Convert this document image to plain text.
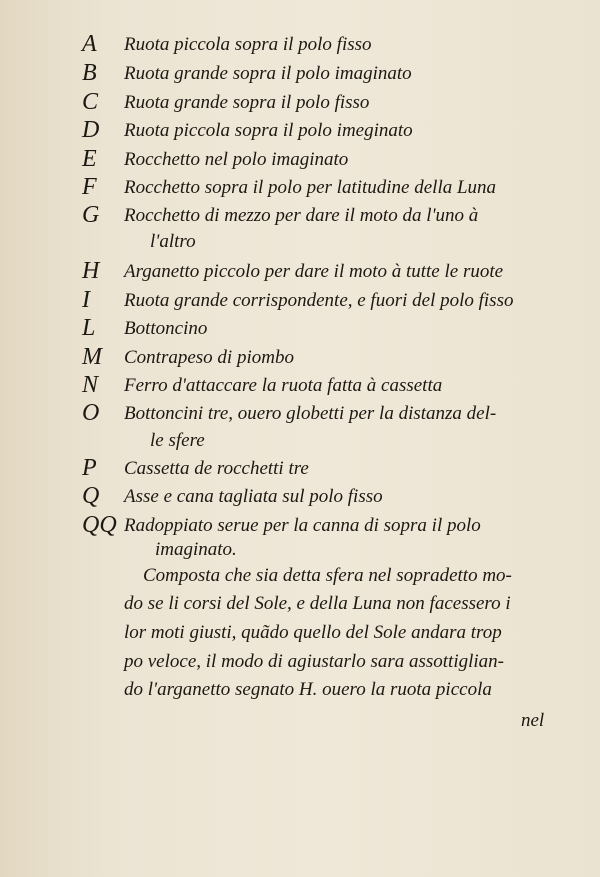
A	Ruota piccola sopra il polo fisso
B	Ruota grande sopra il polo imaginato
C	Ruota grande sopra il polo fisso
D	Ruota piccola sopra il polo imeginato
E	Rocchetto nel polo imaginato
F	Rocchetto sopra il polo per latitudine della Luna
G	Rocchetto di mezzo per dare il moto da l'uno à
l'altro
H	Arganetto piccolo per dare il moto à tutte le ruote
I	Ruota grande corrispondente, e fuori del polo fisso
L	Bottoncino
M	Contrapeso di piombo
N	Ferro d'attaccare la ruota fatta à cassetta
O	Bottoncini tre, ouero globetti per la distanza del-
le sfere
P	Cassetta de rocchetti tre
Q	Asse e cana tagliata sul polo fisso
QQ Radoppiato serue per la canna di sopra il polo
imaginato.
Composta che sia detta sfera nel sopradetto mo-
do se li corsi del Sole, e della Luna non facessero i
lor moti giusti, quãdo quello del Sole andara trop
po veloce, il modo di agiustarlo sara assottiglian-
do l'arganetto segnato H. ouero la ruota piccola
nel
